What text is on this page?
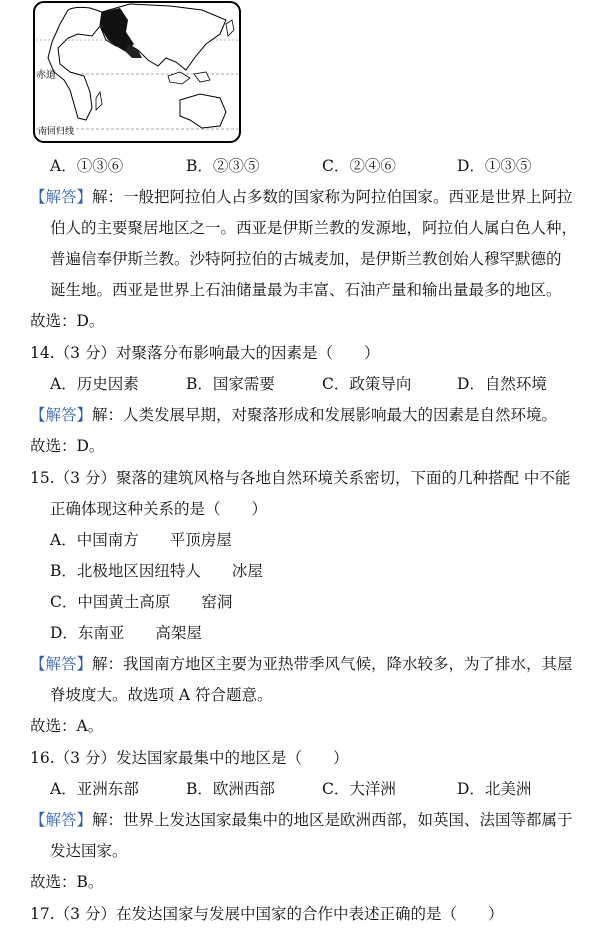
赤道
南回归线
A．①③⑥	B．②③⑤	C．②④⑥	D．①③⑤
【解答】解：一般把阿拉伯人占多数的国家称为阿拉伯国家。西亚是世界上阿拉
伯人的主要聚居地区之一。西亚是伊斯兰教的发源地，阿拉伯人属白色人种，
普遍信奉伊斯兰教。沙特阿拉伯的古城麦加，是伊斯兰教创始人穆罕默德的
诞生地。西亚是世界上石油储量最为丰富、石油产量和输出量最多的地区。
故选：D。
14.（3 分）对聚落分布影响最大的因素是（　　）
A．历史因素	B．国家需要	C．政策导向	D．自然环境
【解答】解：人类发展早期，对聚落形成和发展影响最大的因素是自然环境。
故选：D。
15.（3 分）聚落的建筑风格与各地自然环境关系密切，下面的几种搭配 中不能
正确体现这种关系的是（　　）
A．中国南方　　平顶房屋
B．北极地区因纽特人　　冰屋
C．中国黄土高原　　窑洞
D．东南亚　　高架屋
【解答】解：我国南方地区主要为亚热带季风气候，降水较多，为了排水，其屋
脊坡度大。故选项 A 符合题意。
故选：A。
16.（3 分）发达国家最集中的地区是（　　）
A．亚洲东部	B．欧洲西部	C．大洋洲	D．北美洲
【解答】解：世界上发达国家最集中的地区是欧洲西部，如英国、法国等都属于
发达国家。
故选：B。
17.（3 分）在发达国家与发展中国家的合作中表述正确的是（　　）
